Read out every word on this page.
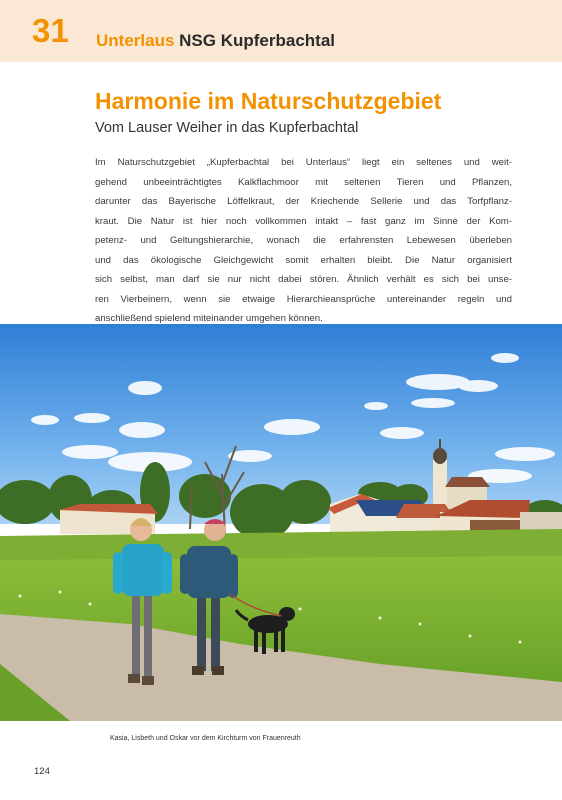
31 Unterlaus NSG Kupferbachtal
Harmonie im Naturschutzgebiet
Vom Lauser Weiher in das Kupferbachtal
Im Naturschutzgebiet „Kupferbachtal bei Unterlaus“ liegt ein seltenes und weit-
gehend unbeeinträchtigtes Kalkflachmoor mit seltenen Tieren und Pflanzen,
darunter das Bayerische Löffelkraut, der Kriechende Sellerie und das Torfpflanz-
kraut. Die Natur ist hier noch vollkommen intakt – fast ganz im Sinne der Kom-
petenz- und Geltungshierarchie, wonach die erfahrensten Lebewesen überleben
und das ökologische Gleichgewicht somit erhalten bleibt. Die Natur organisiert
sich selbst, man darf sie nur nicht dabei stören. Ähnlich verhält es sich bei unse-
ren Vierbeinern, wenn sie etwaige Hierarchieansprüche untereinander regeln und
anschließend spielend miteinander umgehen können.
Kasia, Lisbeth und Oskar vor dem Kirchturm von Frauenreuth
124
